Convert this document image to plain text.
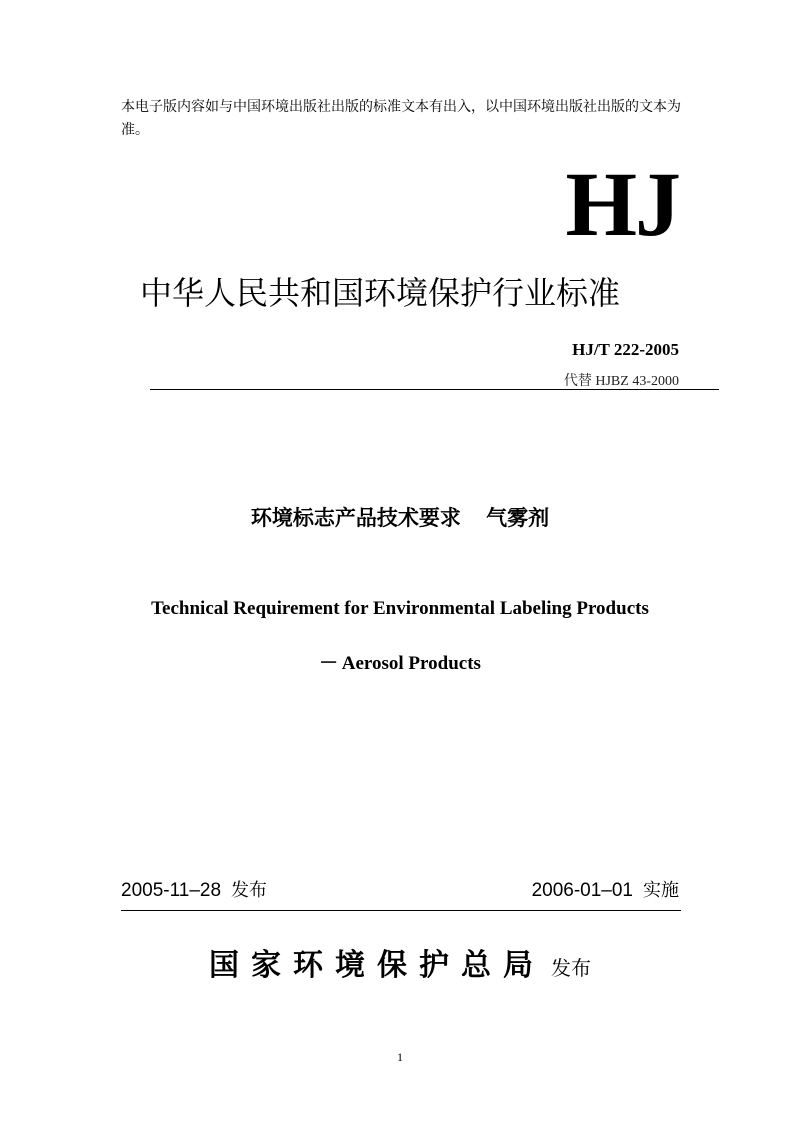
本电子版内容如与中国环境出版社出版的标准文本有出入，以中国环境出版社出版的文本为准。
HJ
中华人民共和国环境保护行业标准
HJ/T 222-2005
代替 HJBZ 43-2000
环境标志产品技术要求 气雾剂
Technical Requirement for Environmental Labeling Products
－ Aerosol Products
2005-11–28 发布	2006-01–01 实施
国家环境保护总局 发布
1
